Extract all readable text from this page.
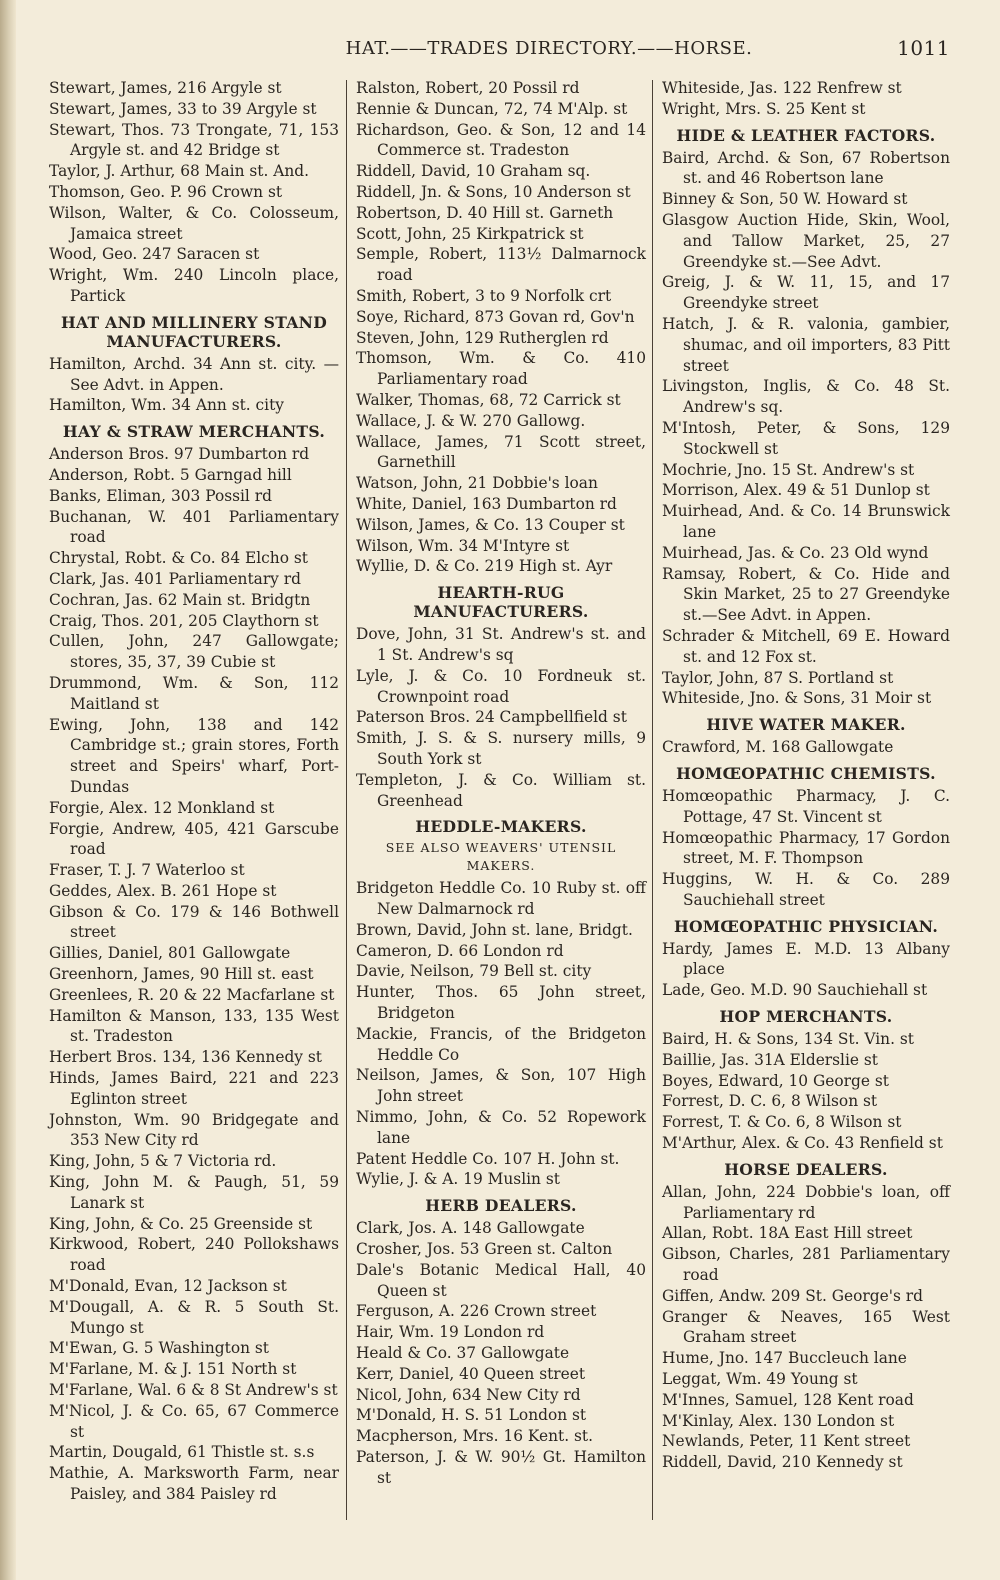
HAT.——TRADES DIRECTORY.——HORSE.	1011

Stewart, James, 216 Argyle st

Stewart, James, 33 to 39 Argyle st

Stewart, Thos. 73 Trongate, 71, 153 Argyle st. and 42 Bridge st

Taylor, J. Arthur, 68 Main st. And.

Thomson, Geo. P. 96 Crown st

Wilson, Walter, & Co. Colosseum, Jamaica street

Wood, Geo. 247 Saracen st

Wright, Wm. 240 Lincoln place, Partick

HAT AND MILLINERY STAND MANUFACTURERS.

Hamilton, Archd. 34 Ann st. city. —See Advt. in Appen.

Hamilton, Wm. 34 Ann st. city

HAY & STRAW MERCHANTS.

Anderson Bros. 97 Dumbarton rd

Anderson, Robt. 5 Garngad hill

Banks, Eliman, 303 Possil rd

Buchanan, W. 401 Parliamentary road

Chrystal, Robt. & Co. 84 Elcho st

Clark, Jas. 401 Parliamentary rd

Cochran, Jas. 62 Main st. Bridgtn

Craig, Thos. 201, 205 Claythorn st

Cullen, John, 247 Gallowgate; stores, 35, 37, 39 Cubie st

Drummond, Wm. & Son, 112 Maitland st

Ewing, John, 138 and 142 Cambridge st.; grain stores, Forth street and Speirs' wharf, Port-Dundas

Forgie, Alex. 12 Monkland st

Forgie, Andrew, 405, 421 Garscube road

Fraser, T. J. 7 Waterloo st

Geddes, Alex. B. 261 Hope st

Gibson & Co. 179 & 146 Bothwell street

Gillies, Daniel, 801 Gallowgate

Greenhorn, James, 90 Hill st. east

Greenlees, R. 20 & 22 Macfarlane st

Hamilton & Manson, 133, 135 West st. Tradeston

Herbert Bros. 134, 136 Kennedy st

Hinds, James Baird, 221 and 223 Eglinton street

Johnston, Wm. 90 Bridgegate and 353 New City rd

King, John, 5 & 7 Victoria rd.

King, John M. & Paugh, 51, 59 Lanark st

King, John, & Co. 25 Greenside st

Kirkwood, Robert, 240 Pollokshaws road

M'Donald, Evan, 12 Jackson st

M'Dougall, A. & R. 5 South St. Mungo st

M'Ewan, G. 5 Washington st

M'Farlane, M. & J. 151 North st

M'Farlane, Wal. 6 & 8 St Andrew's st

M'Nicol, J. & Co. 65, 67 Commerce st

Martin, Dougald, 61 Thistle st. s.s

Mathie, A. Marksworth Farm, near Paisley, and 384 Paisley rd

Ralston, Robert, 20 Possil rd

Rennie & Duncan, 72, 74 M'Alp. st

Richardson, Geo. & Son, 12 and 14 Commerce st. Tradeston

Riddell, David, 10 Graham sq.

Riddell, Jn. & Sons, 10 Anderson st

Robertson, D. 40 Hill st. Garneth

Scott, John, 25 Kirkpatrick st

Semple, Robert, 113½ Dalmarnock road

Smith, Robert, 3 to 9 Norfolk crt

Soye, Richard, 873 Govan rd, Gov'n

Steven, John, 129 Rutherglen rd

Thomson, Wm. & Co. 410 Parliamentary road

Walker, Thomas, 68, 72 Carrick st

Wallace, J. & W. 270 Gallowg.

Wallace, James, 71 Scott street, Garnethill

Watson, John, 21 Dobbie's loan

White, Daniel, 163 Dumbarton rd

Wilson, James, & Co. 13 Couper st

Wilson, Wm. 34 M'Intyre st

Wyllie, D. & Co. 219 High st. Ayr

HEARTH-RUG MANUFACTURERS.

Dove, John, 31 St. Andrew's st. and 1 St. Andrew's sq

Lyle, J. & Co. 10 Fordneuk st. Crownpoint road

Paterson Bros. 24 Campbellfield st

Smith, J. S. & S. nursery mills, 9 South York st

Templeton, J. & Co. William st. Greenhead

HEDDLE-MAKERS.

SEE ALSO WEAVERS' UTENSIL MAKERS.

Bridgeton Heddle Co. 10 Ruby st. off New Dalmarnock rd

Brown, David, John st. lane, Bridgt.

Cameron, D. 66 London rd

Davie, Neilson, 79 Bell st. city

Hunter, Thos. 65 John street, Bridgeton

Mackie, Francis, of the Bridgeton Heddle Co

Neilson, James, & Son, 107 High John street

Nimmo, John, & Co. 52 Ropework lane

Patent Heddle Co. 107 H. John st.

Wylie, J. & A. 19 Muslin st

HERB DEALERS.

Clark, Jos. A. 148 Gallowgate

Crosher, Jos. 53 Green st. Calton

Dale's Botanic Medical Hall, 40 Queen st

Ferguson, A. 226 Crown street

Hair, Wm. 19 London rd

Heald & Co. 37 Gallowgate

Kerr, Daniel, 40 Queen street

Nicol, John, 634 New City rd

M'Donald, H. S. 51 London st

Macpherson, Mrs. 16 Kent. st.

Paterson, J. & W. 90½ Gt. Hamilton st

Whiteside, Jas. 122 Renfrew st

Wright, Mrs. S. 25 Kent st

HIDE & LEATHER FACTORS.

Baird, Archd. & Son, 67 Robertson st. and 46 Robertson lane

Binney & Son, 50 W. Howard st

Glasgow Auction Hide, Skin, Wool, and Tallow Market, 25, 27 Greendyke st.—See Advt.

Greig, J. & W. 11, 15, and 17 Greendyke street

Hatch, J. & R. valonia, gambier, shumac, and oil importers, 83 Pitt street

Livingston, Inglis, & Co. 48 St. Andrew's sq.

M'Intosh, Peter, & Sons, 129 Stockwell st

Mochrie, Jno. 15 St. Andrew's st

Morrison, Alex. 49 & 51 Dunlop st

Muirhead, And. & Co. 14 Brunswick lane

Muirhead, Jas. & Co. 23 Old wynd

Ramsay, Robert, & Co. Hide and Skin Market, 25 to 27 Greendyke st.—See Advt. in Appen.

Schrader & Mitchell, 69 E. Howard st. and 12 Fox st.

Taylor, John, 87 S. Portland st

Whiteside, Jno. & Sons, 31 Moir st

HIVE WATER MAKER.

Crawford, M. 168 Gallowgate

HOMŒOPATHIC CHEMISTS.

Homœopathic Pharmacy, J. C. Pottage, 47 St. Vincent st

Homœopathic Pharmacy, 17 Gordon street, M. F. Thompson

Huggins, W. H. & Co. 289 Sauchiehall street

HOMŒOPATHIC PHYSICIAN.

Hardy, James E. M.D. 13 Albany place

Lade, Geo. M.D. 90 Sauchiehall st

HOP MERCHANTS.

Baird, H. & Sons, 134 St. Vin. st

Baillie, Jas. 31A Elderslie st

Boyes, Edward, 10 George st

Forrest, D. C. 6, 8 Wilson st

Forrest, T. & Co. 6, 8 Wilson st

M'Arthur, Alex. & Co. 43 Renfield st

HORSE DEALERS.

Allan, John, 224 Dobbie's loan, off Parliamentary rd

Allan, Robt. 18A East Hill street

Gibson, Charles, 281 Parliamentary road

Giffen, Andw. 209 St. George's rd

Granger & Neaves, 165 West Graham street

Hume, Jno. 147 Buccleuch lane

Leggat, Wm. 49 Young st

M'Innes, Samuel, 128 Kent road

M'Kinlay, Alex. 130 London st

Newlands, Peter, 11 Kent street

Riddell, David, 210 Kennedy st
